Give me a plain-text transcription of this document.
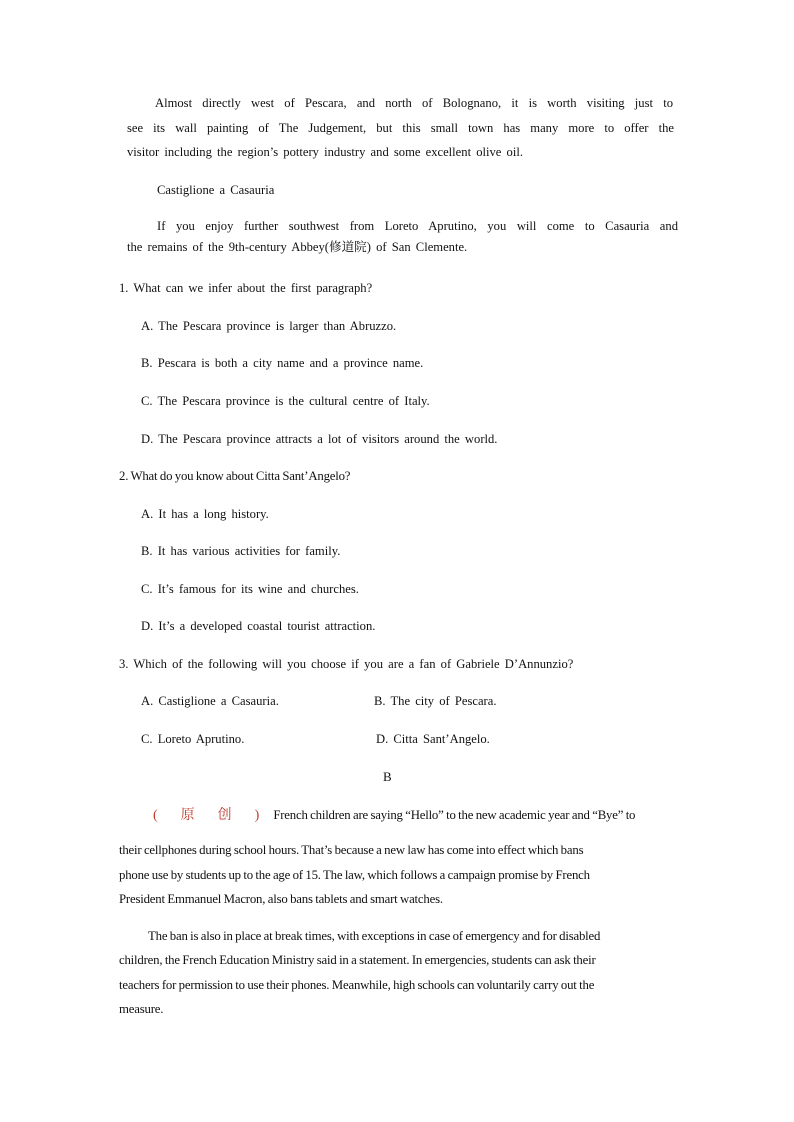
Almost directly west of Pescara, and north of Bolognano, it is worth visiting just to
see its wall painting of The Judgement, but this small town has many more to offer the
visitor including the region’s pottery industry and some excellent olive oil.
Castiglione a Casauria
If you enjoy further southwest from Loreto Aprutino, you will come to Casauria and
the remains of the 9th-century Abbey(修道院) of San Clemente.
1. What can we infer about the first paragraph?
A. The Pescara province is larger than Abruzzo.
B. Pescara is both a city name and a province name.
C. The Pescara province is the cultural centre of Italy.
D. The Pescara province attracts a lot of visitors around the world.
2. What do you know about Citta Sant’Angelo?
A. It has a long history.
B. It has various activities for family.
C. It’s famous for its wine and churches.
D. It’s a developed coastal tourist attraction.
3. Which of the following will you choose if you are a fan of Gabriele D’Annunzio?
A. Castiglione a Casauria.	B. The city of Pescara.
C. Loreto Aprutino.	D. Citta Sant’Angelo.
B
( 原 创 ) French children are saying “Hello” to the new academic year and “Bye” to
their cellphones during school hours. That’s because a new law has come into effect which bans
phone use by students up to the age of 15. The law, which follows a campaign promise by French
President Emmanuel Macron, also bans tablets and smart watches.
The ban is also in place at break times, with exceptions in case of emergency and for disabled
children, the French Education Ministry said in a statement. In emergencies, students can ask their
teachers for permission to use their phones. Meanwhile, high schools can voluntarily carry out the
measure.
